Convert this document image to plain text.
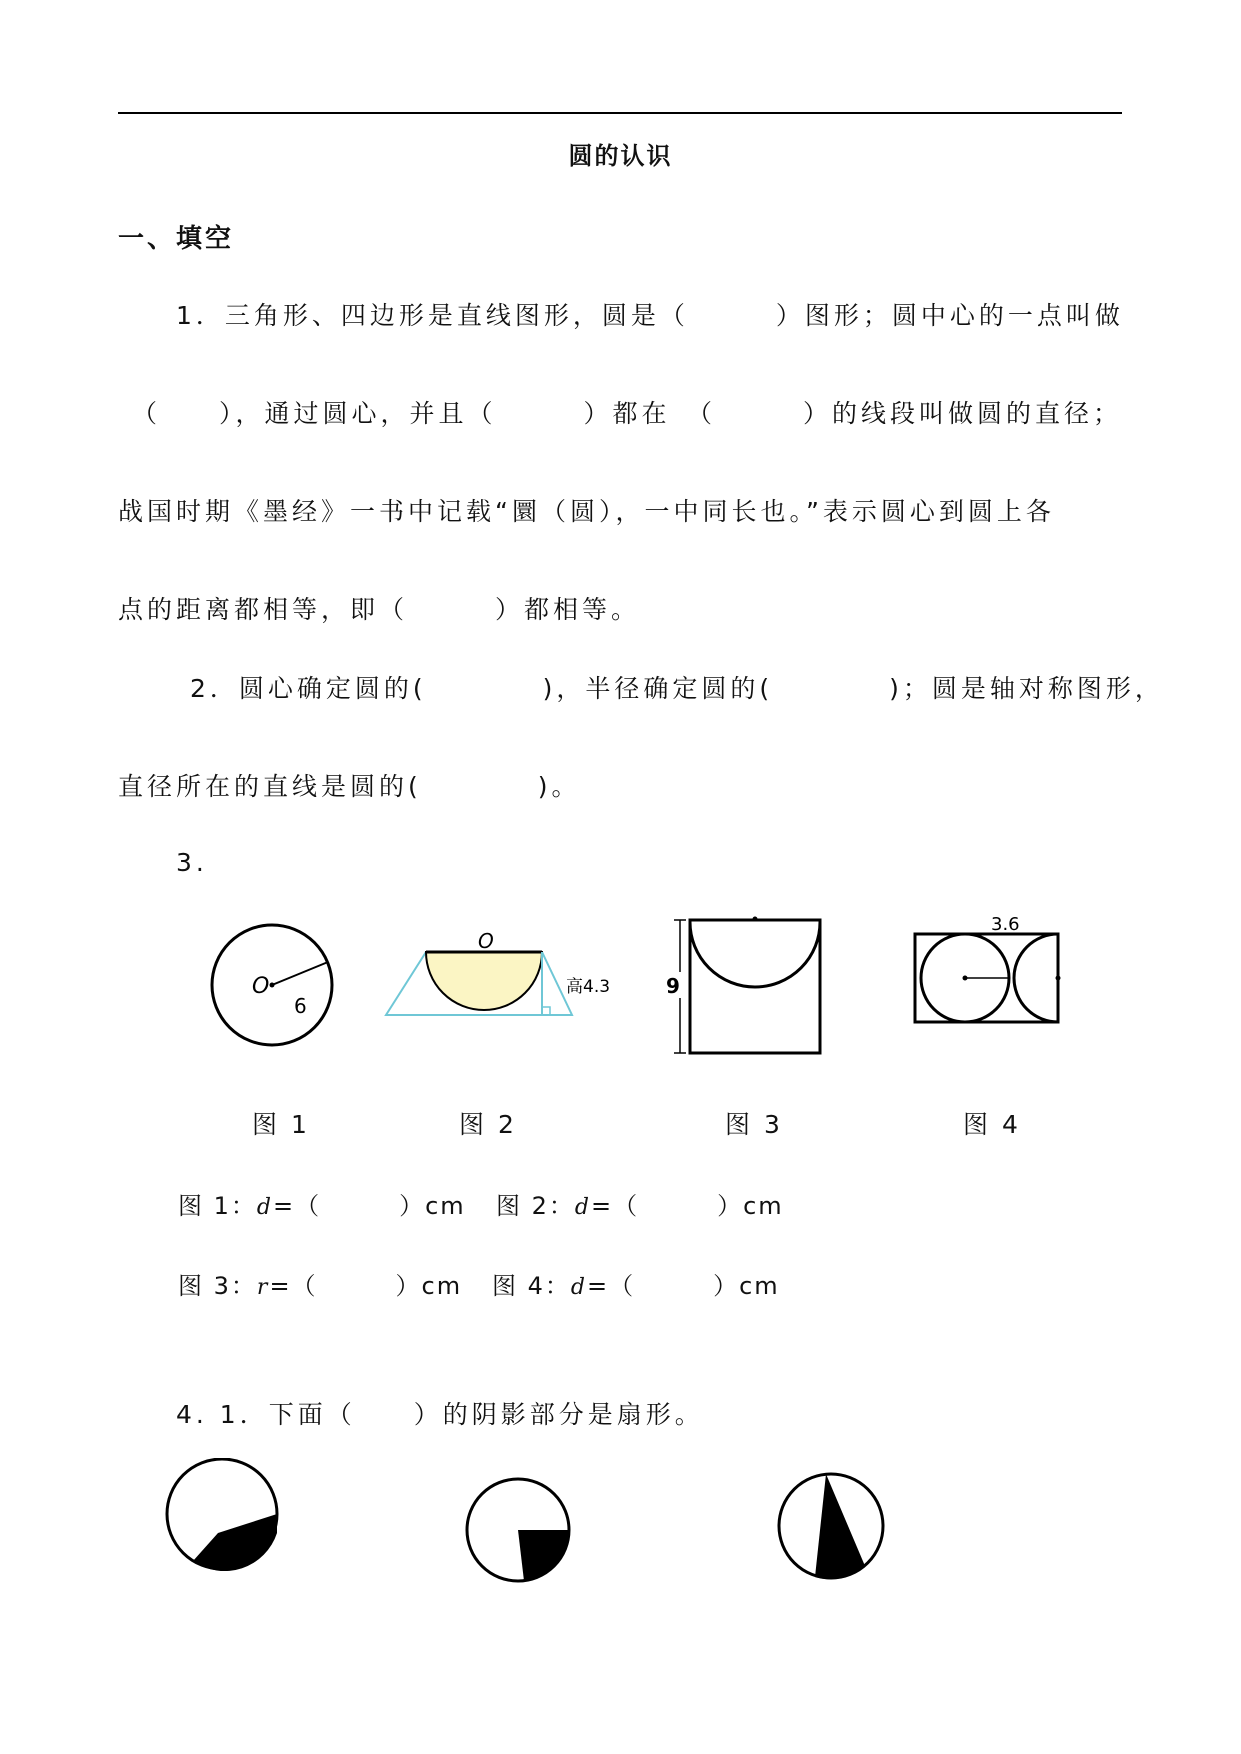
圆的认识
一、填空
1．三角形、四边形是直线图形，圆是（　　　）图形；圆中心的一点叫做
（　　），通过圆心，并且（　　　）都在　（　　　）的线段叫做圆的直径；
战国时期《墨经》一书中记载“圜（圆），一中同长也。”表示圆心到圆上各
点的距离都相等，即（　　　）都相等。
2．圆心确定圆的(　　　　)，半径确定圆的(　　　　)；圆是轴对称图形，
直径所在的直线是圆的(　　　　)。
3.
O
6
O
高4.3	9
3.6
图 1	图 2	图 3	图 4
图 1：d=（　　　）cm 图 2：d=（　　　）cm
图 3：r=（　　　）cm 图 4：d=（　　　）cm
4. 1．下面（　　）的阴影部分是扇形。
